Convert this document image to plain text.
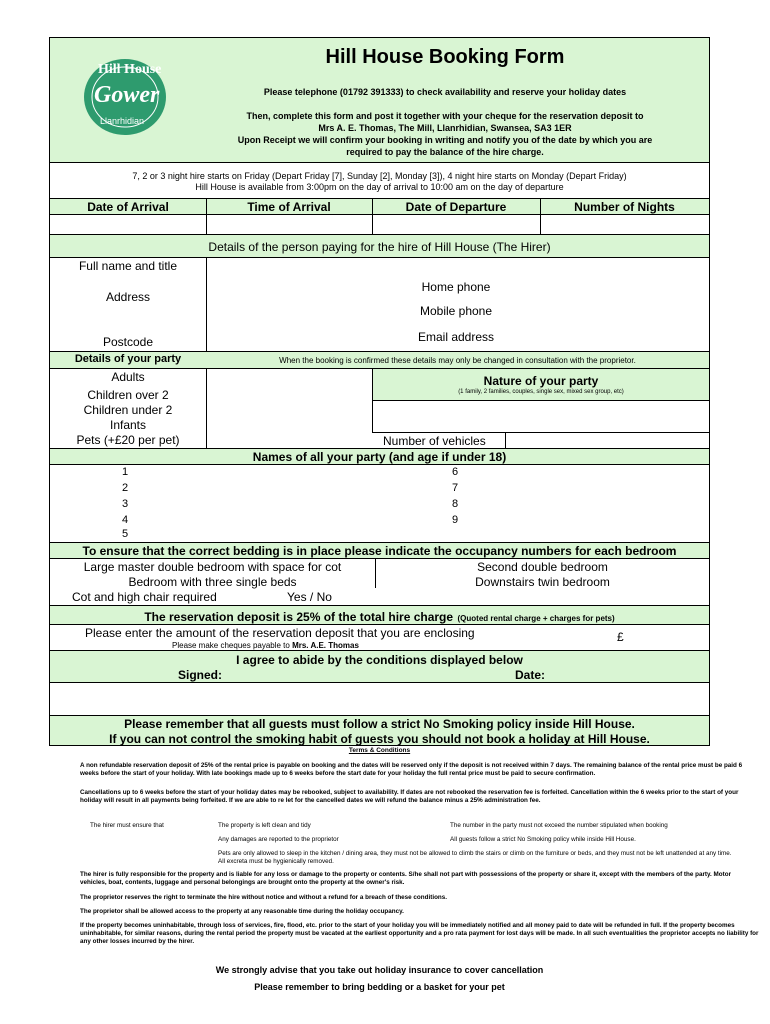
Hill House
Gower
Llanrhidian
Hill House Booking Form
Please telephone (01792 391333) to check availability and reserve your holiday dates
Then, complete this form and post it together with your cheque for the reservation deposit to
Mrs A. E. Thomas, The Mill, Llanrhidian, Swansea, SA3 1ER
Upon Receipt we will confirm your booking in writing and notify you of the date by which you are
required to pay the balance of the hire charge.
7, 2 or 3 night hire starts on Friday (Depart Friday [7], Sunday [2], Monday [3]), 4 night hire starts on Monday (Depart Friday)
Hill House is available from 3:00pm on the day of arrival to 10:00 am on the day of departure
Date of Arrival	Time of Arrival	Date of Departure	Number of Nights
Details of the person paying for the hire of Hill House (The Hirer)
Full name and title
Address
Postcode
Home phone
Mobile phone
Email address
Details of your party	When the booking is confirmed these details may only be changed in consultation with the proprietor.
Adults
Children over 2
Children under 2
Infants
Pets (+£20 per pet)
Nature of your party
(1 family, 2 families, couples, single sex, mixed sex group, etc)
Number of vehicles
Names of all your party (and age if under 18)
1
2
3
4
5
6
7
8
9
To ensure that the correct bedding is in place please indicate the occupancy numbers for each bedroom
Large master double bedroom with space for cot
Bedroom with three single beds
Cot and high chair required	Yes / No
Second double bedroom
Downstairs twin bedroom
The reservation deposit is 25% of the total hire charge (Quoted rental charge + charges for pets)
Please enter the amount of the reservation deposit that you are enclosing	£
Please make cheques payable to Mrs. A.E. Thomas
I agree to abide by the conditions displayed below
Signed:	Date:
Please remember that all guests must follow a strict No Smoking policy inside Hill House.
If you can not control the smoking habit of guests you should not book a holiday at Hill House.
Terms & Conditions
A non refundable reservation deposit of 25% of the rental price is payable on booking and the dates will be reserved only if the deposit is not received within 7 days. The remaining balance of the rental price must be paid 6 weeks before the start of your holiday. With late bookings made up to 6 weeks before the start date for your holiday the full rental price must be paid to secure confirmation.
Cancellations up to 6 weeks before the start of your holiday dates may be rebooked, subject to availability. If dates are not rebooked the reservation fee is forfeited. Cancellation within the 6 weeks prior to the start of your holiday will result in all payments being forfeited. If we are able to re let for the cancelled dates we will refund the balance minus a 25% administration fee.
The hirer must ensure that	The property is left clean and tidy	The number in the party must not exceed the number stipulated when booking
Any damages are reported to the proprietor	All guests follow a strict No Smoking policy while inside Hill House.
Pets are only allowed to sleep in the kitchen / dining area, they must not be allowed to climb the stairs or climb on the furniture or beds, and they must not be left unattended at any time. All excreta must be hygienically removed.
The hirer is fully responsible for the property and is liable for any loss or damage to the property or contents. S/he shall not part with possessions of the property or share it, except with the members of the party. Motor vehicles, boat, contents, luggage and personal belongings are brought onto the property at the owner's risk.
The proprietor reserves the right to terminate the hire without notice and without a refund for a breach of these conditions.
The proprietor shall be allowed access to the property at any reasonable time during the holiday occupancy.
If the property becomes uninhabitable, through loss of services, fire, flood, etc. prior to the start of your holiday you will be immediately notified and all money paid to date will be refunded in full. If the property becomes uninhabitable, for similar reasons, during the rental period the property must be vacated at the earliest opportunity and a pro rata payment for lost days will be made. In all such eventualities the proprietor accepts no liability for any other losses incurred by the hirer.
We strongly advise that you take out holiday insurance to cover cancellation
Please remember to bring bedding or a basket for your pet
